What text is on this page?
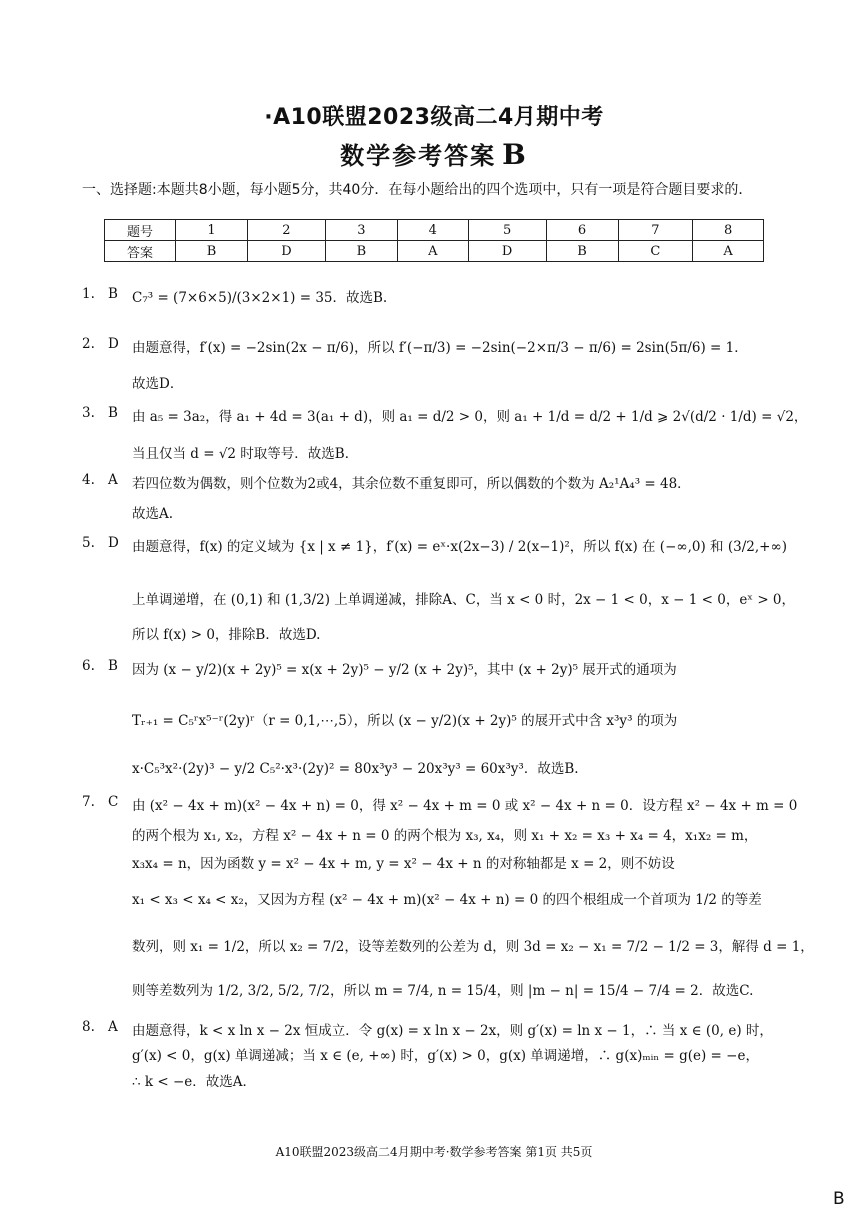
·A10联盟2023级高二4月期中考
数学参考答案 B
一、选择题:本题共8小题，每小题5分，共40分．在每小题给出的四个选项中，只有一项是符合题目要求的．
题号	1	2	3	4	5	6	7	8
答案	B	D	B	A	D	B	C	A
1. B	C₇³ = (7×6×5)/(3×2×1) = 35．故选B.
2. D 由题意得，f′(x) = −2sin(2x − π/6)，所以 f′(−π/3) = −2sin(−2×π/3 − π/6) = 2sin(5π/6) = 1．
故选D．
3. B	由 a₅ = 3a₂，得 a₁ + 4d = 3(a₁ + d)，则 a₁ = d/2 > 0，则 a₁ + 1/d = d/2 + 1/d ⩾ 2√(d/2 · 1/d) = √2，
当且仅当 d = √2 时取等号．故选B．
4. A	若四位数为偶数，则个位数为2或4，其余位数不重复即可，所以偶数的个数为 A₂¹A₄³ = 48．
故选A.
5. D 由题意得，f(x) 的定义域为 {x | x ≠ 1}，f′(x) = eˣ·x(2x−3) / 2(x−1)²，所以 f(x) 在 (−∞,0) 和 (3/2,+∞)
上单调递增，在 (0,1) 和 (1,3/2) 上单调递减，排除A、C，当 x < 0 时，2x − 1 < 0，x − 1 < 0，eˣ > 0，
所以 f(x) > 0，排除B．故选D.
6. B	因为 (x − y/2)(x + 2y)⁵ = x(x + 2y)⁵ − y/2 (x + 2y)⁵，其中 (x + 2y)⁵ 展开式的通项为
Tᵣ₊₁ = C₅ʳx⁵⁻ʳ(2y)ʳ（r = 0,1,⋯,5），所以 (x − y/2)(x + 2y)⁵ 的展开式中含 x³y³ 的项为
x·C₅³x²·(2y)³ − y/2 C₅²·x³·(2y)² = 80x³y³ − 20x³y³ = 60x³y³．故选B.
7. C	由 (x² − 4x + m)(x² − 4x + n) = 0，得 x² − 4x + m = 0 或 x² − 4x + n = 0．设方程 x² − 4x + m = 0
的两个根为 x₁, x₂，方程 x² − 4x + n = 0 的两个根为 x₃, x₄，则 x₁ + x₂ = x₃ + x₄ = 4，x₁x₂ = m，
x₃x₄ = n，因为函数 y = x² − 4x + m, y = x² − 4x + n 的对称轴都是 x = 2，则不妨设
x₁ < x₃ < x₄ < x₂，又因为方程 (x² − 4x + m)(x² − 4x + n) = 0 的四个根组成一个首项为 1/2 的等差
数列，则 x₁ = 1/2，所以 x₂ = 7/2，设等差数列的公差为 d，则 3d = x₂ − x₁ = 7/2 − 1/2 = 3，解得 d = 1，
则等差数列为 1/2, 3/2, 5/2, 7/2，所以 m = 7/4, n = 15/4，则 |m − n| = 15/4 − 7/4 = 2．故选C.
8. A	由题意得，k < x ln x − 2x 恒成立．令 g(x) = x ln x − 2x，则 g′(x) = ln x − 1，∴ 当 x ∈ (0, e) 时，
g′(x) < 0，g(x) 单调递减；当 x ∈ (e, +∞) 时，g′(x) > 0，g(x) 单调递增，∴ g(x)ₘᵢₙ = g(e) = −e，
∴ k < −e．故选A．
A10联盟2023级高二4月期中考·数学参考答案 第1页 共5页
B
